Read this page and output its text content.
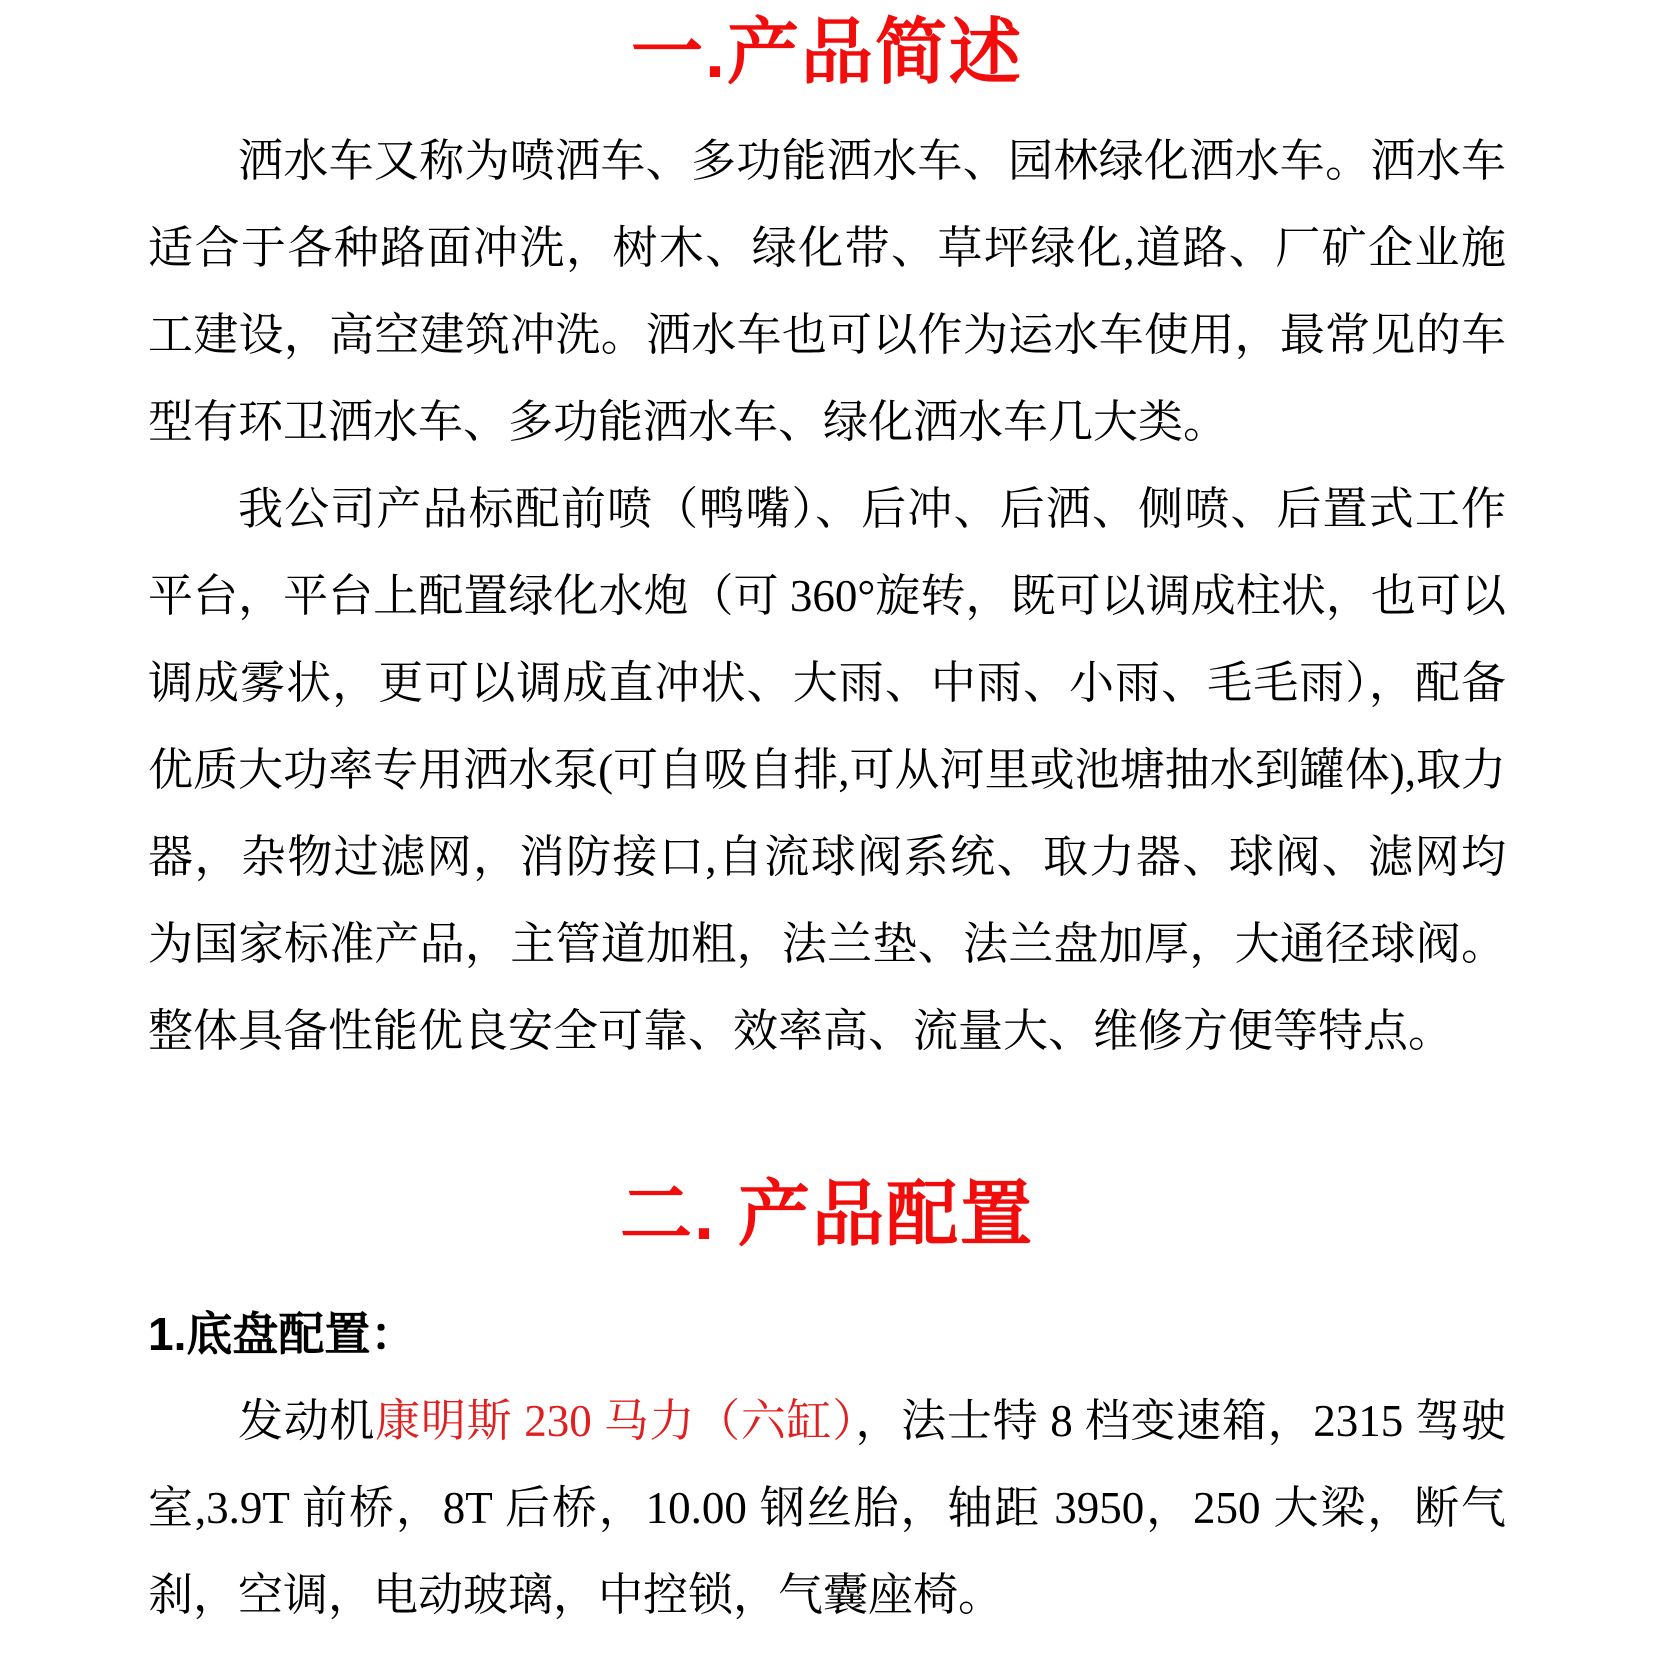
一.产品简述

洒水车又称为喷洒车、多功能洒水车、园林绿化洒水车。洒水车适合于各种路面冲洗，树木、绿化带、草坪绿化,道路、厂矿企业施工建设，高空建筑冲洗。洒水车也可以作为运水车使用，最常见的车型有环卫洒水车、多功能洒水车、绿化洒水车几大类。

我公司产品标配前喷（鸭嘴）、后冲、后洒、侧喷、后置式工作平台，平台上配置绿化水炮（可 360°旋转，既可以调成柱状，也可以调成雾状，更可以调成直冲状、大雨、中雨、小雨、毛毛雨），配备优质大功率专用洒水泵(可自吸自排,可从河里或池塘抽水到罐体),取力器，杂物过滤网，消防接口,自流球阀系统、取力器、球阀、滤网均为国家标准产品，主管道加粗，法兰垫、法兰盘加厚，大通径球阀。整体具备性能优良安全可靠、效率高、流量大、维修方便等特点。

二. 产品配置
1.底盘配置：

发动机康明斯 230 马力（六缸），法士特 8 档变速箱，2315 驾驶室,3.9T 前桥，8T 后桥，10.00 钢丝胎，轴距 3950，250 大梁，断气刹，空调，电动玻璃，中控锁，气囊座椅。
